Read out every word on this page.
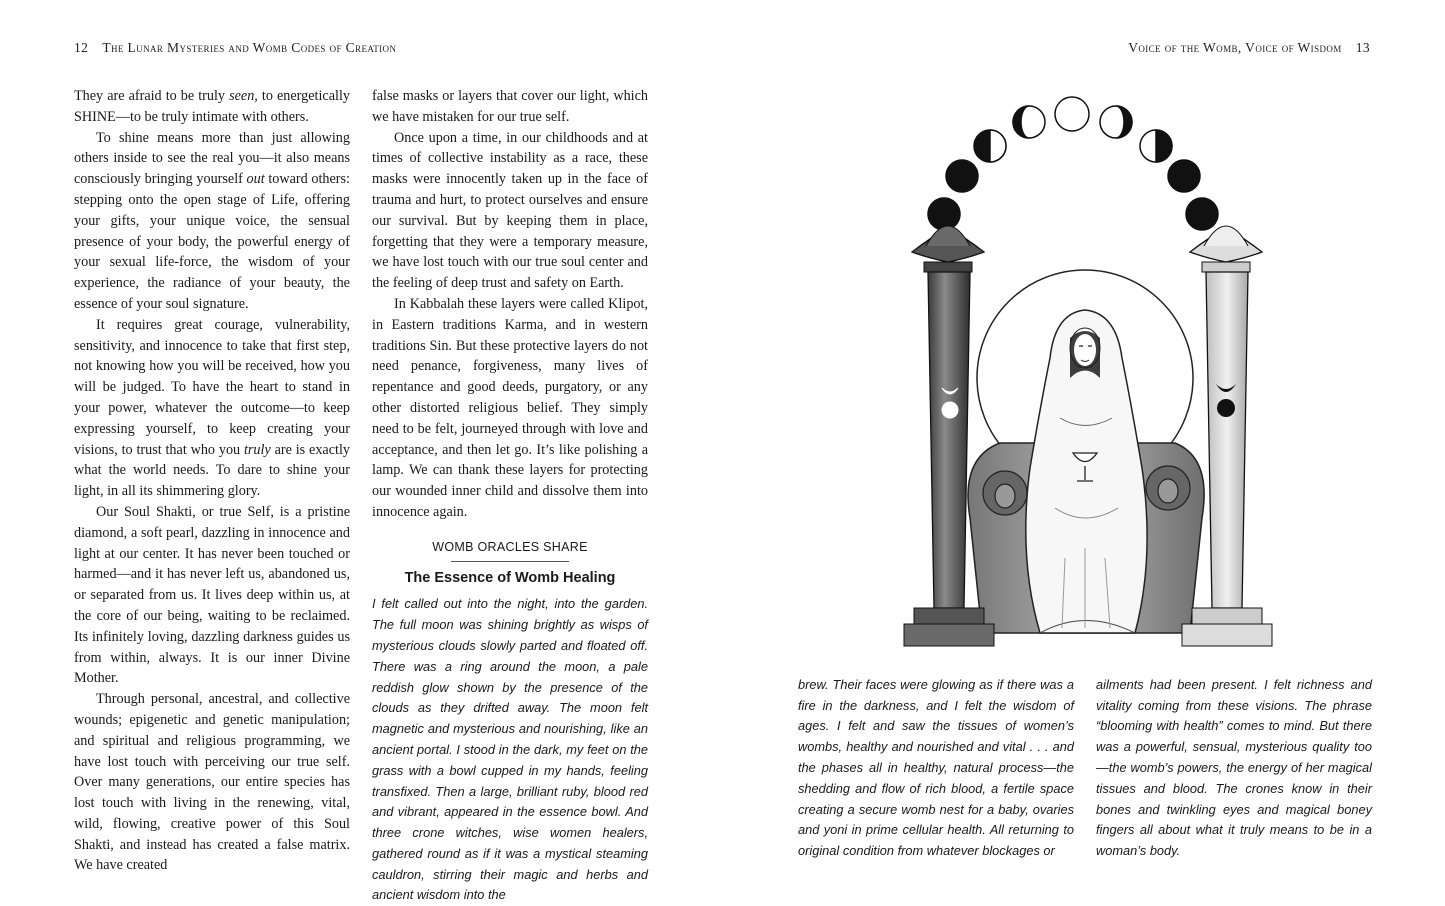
12 The Lunar Mysteries and Womb Codes of Creation

They are afraid to be truly seen, to energetically SHINE—to be truly intimate with others.

To shine means more than just allowing others inside to see the real you—it also means consciously bringing yourself out toward others: stepping onto the open stage of Life, offering your gifts, your unique voice, the sensual presence of your body, the powerful energy of your sexual life-force, the wisdom of your experience, the radiance of your beauty, the essence of your soul signature.

It requires great courage, vulnerability, sensitivity, and innocence to take that first step, not knowing how you will be received, how you will be judged. To have the heart to stand in your power, whatever the outcome—to keep expressing yourself, to keep creating your visions, to trust that who you truly are is exactly what the world needs. To dare to shine your light, in all its shimmering glory.

Our Soul Shakti, or true Self, is a pristine diamond, a soft pearl, dazzling in innocence and light at our center. It has never been touched or harmed—and it has never left us, abandoned us, or separated from us. It lives deep within us, at the core of our being, waiting to be reclaimed. Its infinitely loving, dazzling darkness guides us from within, always. It is our inner Divine Mother.

Through personal, ancestral, and collective wounds; epigenetic and genetic manipulation; and spiritual and religious programming, we have lost touch with perceiving our true self. Over many generations, our entire species has lost touch with living in the renewing, vital, wild, flowing, creative power of this Soul Shakti, and instead has created a false matrix. We have created

false masks or layers that cover our light, which we have mistaken for our true self.

Once upon a time, in our childhoods and at times of collective instability as a race, these masks were innocently taken up in the face of trauma and hurt, to protect ourselves and ensure our survival. But by keeping them in place, forgetting that they were a temporary measure, we have lost touch with our true soul center and the feeling of deep trust and safety on Earth.

In Kabbalah these layers were called Klipot, in Eastern traditions Karma, and in western traditions Sin. But these protective layers do not need penance, forgiveness, many lives of repentance and good deeds, purgatory, or any other distorted religious belief. They simply need to be felt, journeyed through with love and acceptance, and then let go. It’s like polishing a lamp. We can thank these layers for protecting our wounded inner child and dissolve them into innocence again.

WOMB ORACLES SHARE
The Essence of Womb Healing

I felt called out into the night, into the garden. The full moon was shining brightly as wisps of mysterious clouds slowly parted and floated off. There was a ring around the moon, a pale reddish glow shown by the presence of the clouds as they drifted away. The moon felt magnetic and mysterious and nourishing, like an ancient portal. I stood in the dark, my feet on the grass with a bowl cupped in my hands, feeling transfixed. Then a large, brilliant ruby, blood red and vibrant, appeared in the essence bowl. And three crone witches, wise women healers, gathered round as if it was a mystical steaming cauldron, stirring their magic and herbs and ancient wisdom into the

Voice of the Womb, Voice of Wisdom 13

brew. Their faces were glowing as if there was a fire in the darkness, and I felt the wisdom of ages. I felt and saw the tissues of women’s wombs, healthy and nourished and vital . . . and the phases all in healthy, natural process—the shedding and flow of rich blood, a fertile space creating a secure womb nest for a baby, ovaries and yoni in prime cellular health. All returning to original condition from whatever blockages or

ailments had been present. I felt richness and vitality coming from these visions. The phrase “blooming with health” comes to mind. But there was a powerful, sensual, mysterious quality too—the womb’s powers, the energy of her magical tissues and blood. The crones know in their bones and twinkling eyes and magical boney fingers all about what it truly means to be in a woman’s body.
